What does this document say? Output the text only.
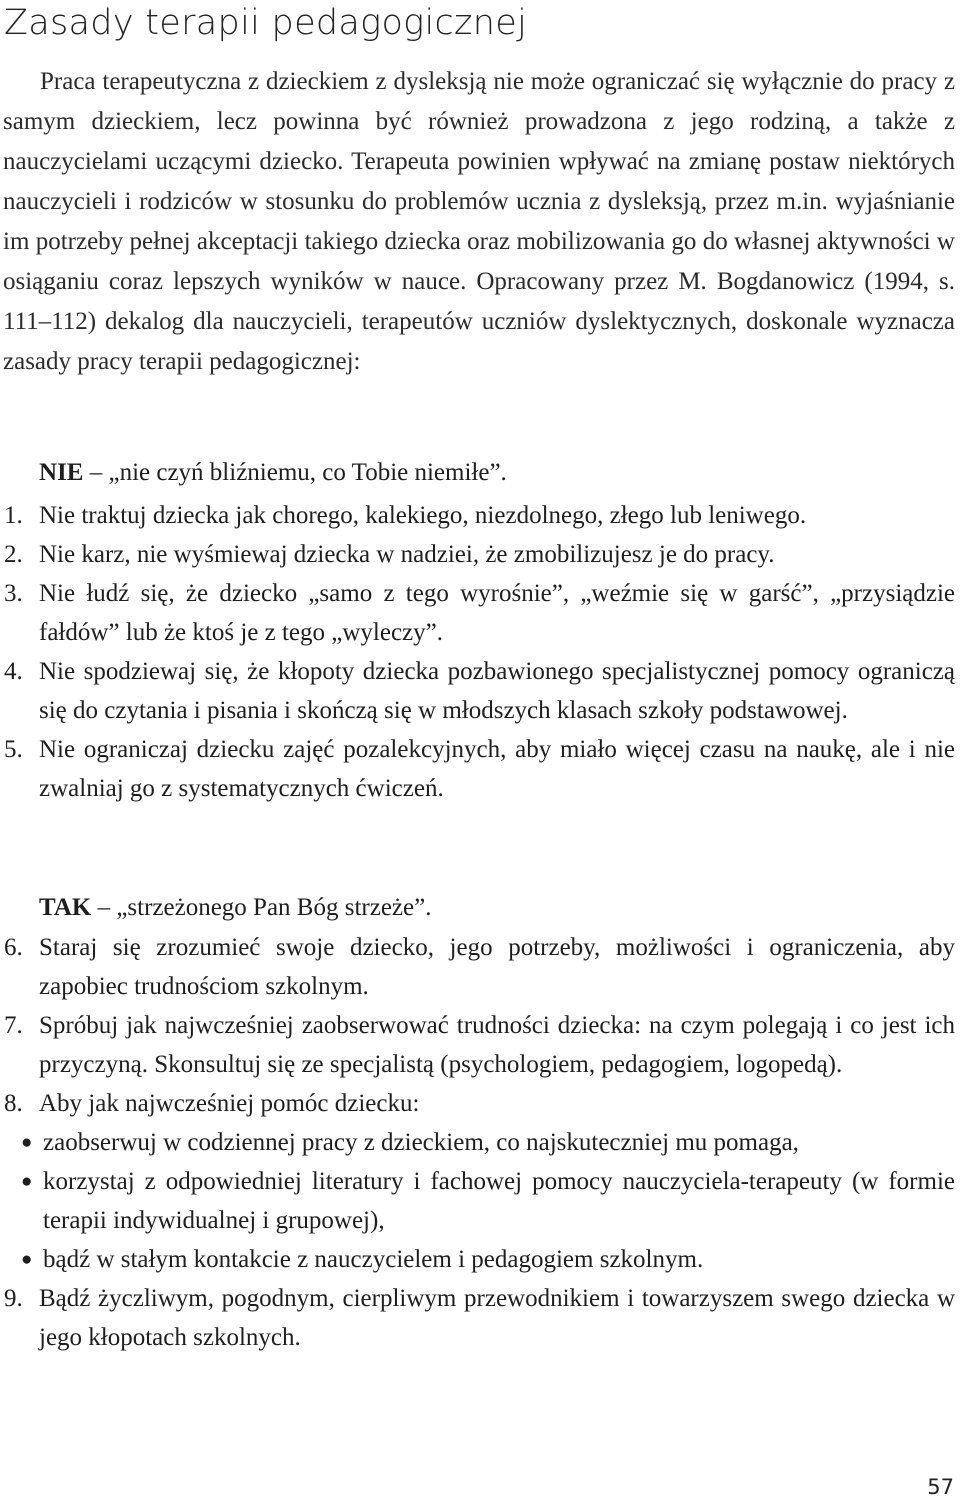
Zasady terapii pedagogicznej

Praca terapeutyczna z dzieckiem z dysleksją nie może ograniczać się wyłącznie do pracy z samym dzieckiem, lecz powinna być również prowadzona z jego rodziną, a także z nauczycielami uczącymi dziecko. Terapeuta powinien wpływać na zmianę postaw niektórych nauczycieli i rodziców w stosunku do problemów ucznia z dysleksją, przez m.in. wyjaśnianie im potrzeby pełnej akceptacji takiego dziecka oraz mobilizowania go do własnej aktywności w osiąganiu coraz lepszych wyników w nauce. Opracowany przez M. Bogdanowicz (1994, s. 111–112) dekalog dla nauczycieli, terapeutów uczniów dyslektycznych, doskonale wyznacza zasady pracy terapii pedagogicznej:

NIE – „nie czyń bliźniemu, co Tobie niemiłe”.

1. Nie traktuj dziecka jak chorego, kalekiego, niezdolnego, złego lub leniwego.
2. Nie karz, nie wyśmiewaj dziecka w nadziei, że zmobilizujesz je do pracy.
3. Nie łudź się, że dziecko „samo z tego wyrośnie”, „weźmie się w garść”, „przysiądzie fałdów” lub że ktoś je z tego „wyleczy”.
4. Nie spodziewaj się, że kłopoty dziecka pozbawionego specjalistycznej pomocy ograniczą się do czytania i pisania i skończą się w młodszych klasach szkoły podstawowej.
5. Nie ograniczaj dziecku zajęć pozalekcyjnych, aby miało więcej czasu na naukę, ale i nie zwalniaj go z systematycznych ćwiczeń.

TAK – „strzeżonego Pan Bóg strzeże”.

6. Staraj się zrozumieć swoje dziecko, jego potrzeby, możliwości i ograniczenia, aby zapobiec trudnościom szkolnym.
7. Spróbuj jak najwcześniej zaobserwować trudności dziecka: na czym polegają i co jest ich przyczyną. Skonsultuj się ze specjalistą (psychologiem, pedagogiem, logopedą).
8. Aby jak najwcześniej pomóc dziecku:
● zaobserwuj w codziennej pracy z dzieckiem, co najskuteczniej mu pomaga,
● korzystaj z odpowiedniej literatury i fachowej pomocy nauczyciela-terapeuty (w formie terapii indywidualnej i grupowej),
● bądź w stałym kontakcie z nauczycielem i pedagogiem szkolnym.
9. Bądź życzliwym, pogodnym, cierpliwym przewodnikiem i towarzyszem swego dziecka w jego kłopotach szkolnych.
57
